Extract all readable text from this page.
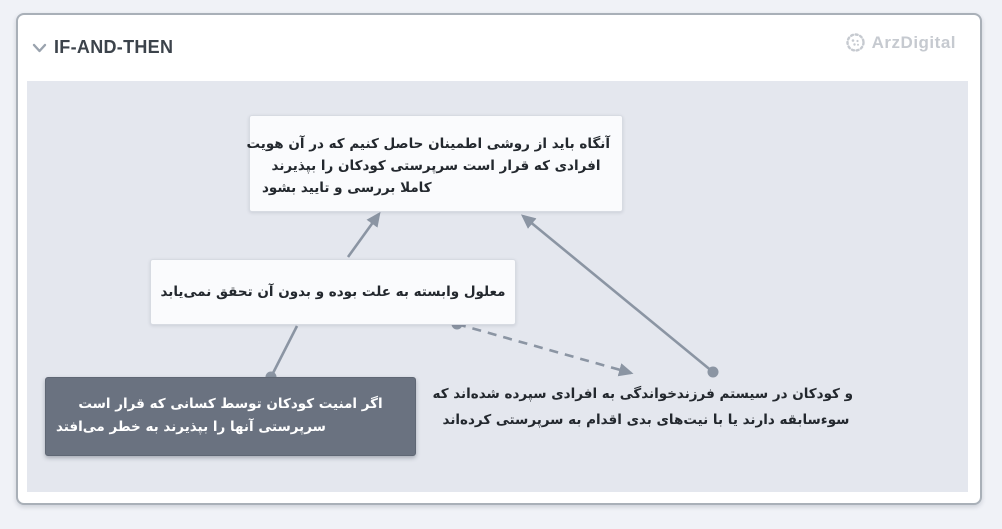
IF-AND-THEN	ArzDigital
آنگاه باید از روشی اطمینان حاصل کنیم که در آن هویت
افرادی که قرار است سرپرستی کودکان را بپذیرند
کاملا بررسی و تایید بشود
معلول وابسته به علت بوده و بدون آن تحقق نمی‌یابد
اگر امنیت کودکان توسط کسانی که قرار است
سرپرستی آنها را بپذیرند به خطر می‌افتد
و کودکان در سیستم فرزندخواندگی به افرادی سپرده شده‌اند که
سوءسابقه دارند یا با نیت‌های بدی اقدام به سرپرستی کرده‌اند
